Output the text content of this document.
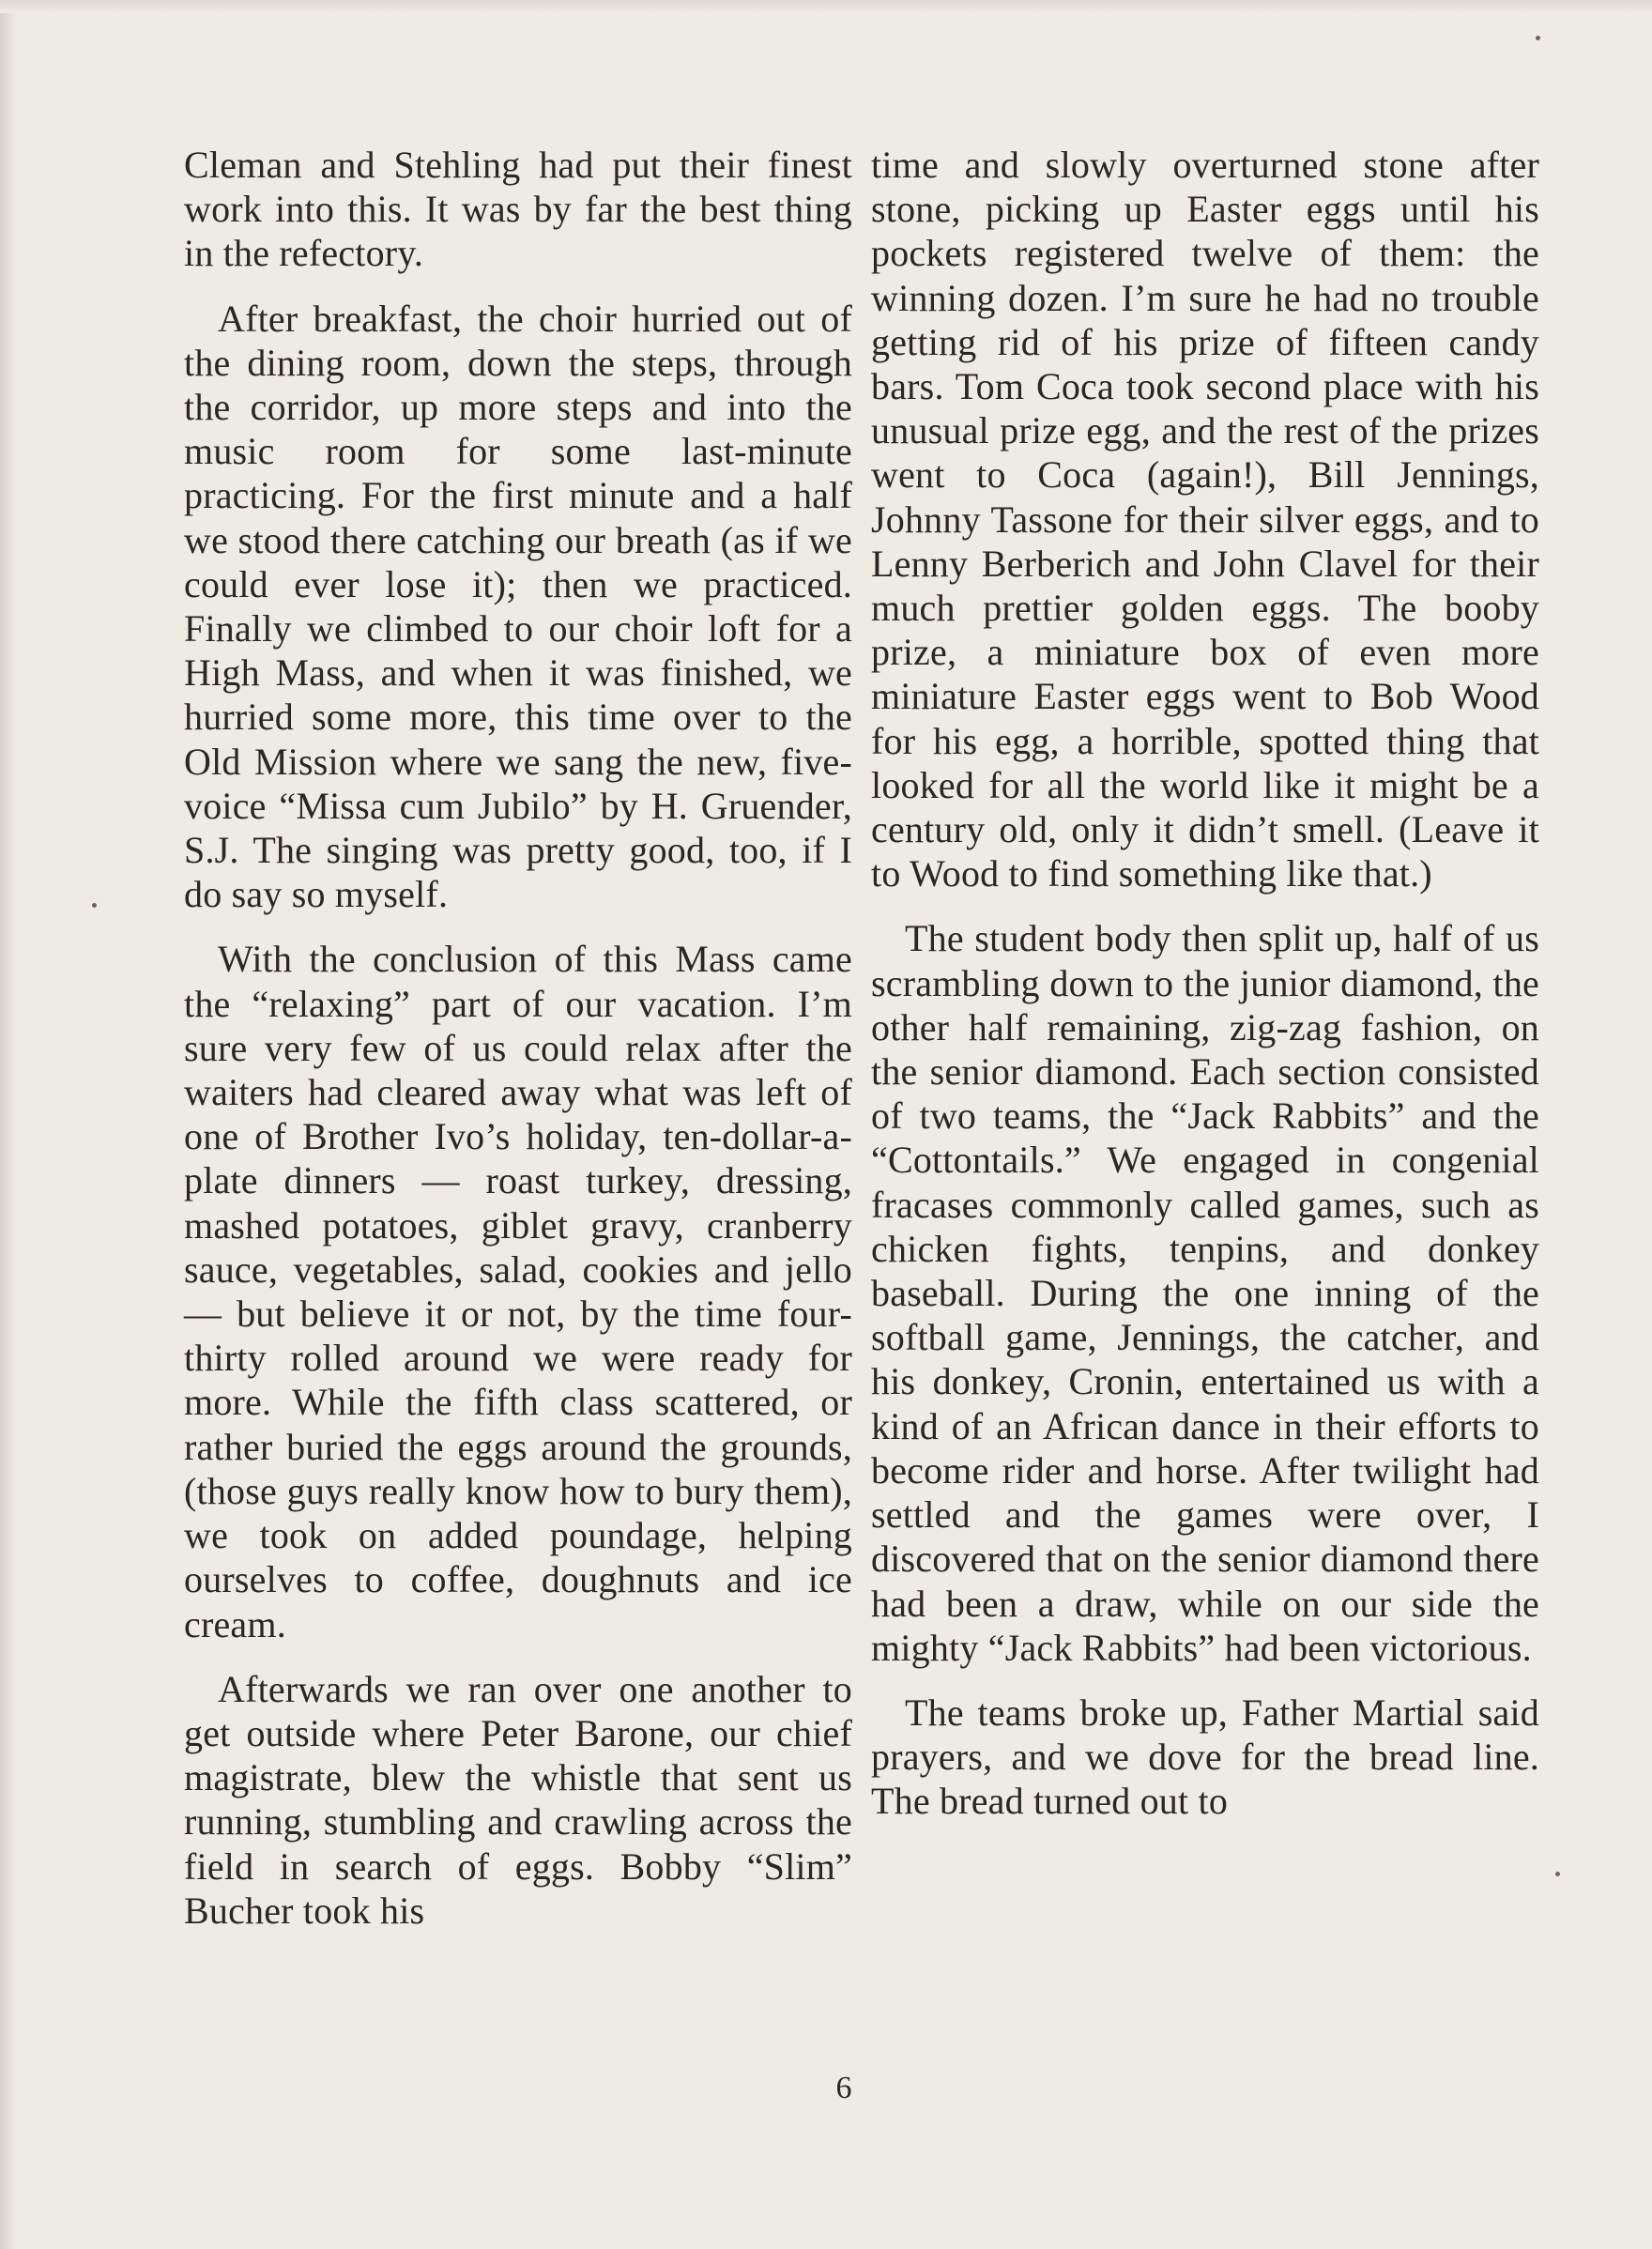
Cleman and Stehling had put their finest work into this. It was by far the best thing in the refectory.

After breakfast, the choir hurried out of the dining room, down the steps, through the corridor, up more steps and into the music room for some last-minute practicing. For the first minute and a half we stood there catching our breath (as if we could ever lose it); then we practiced. Finally we climbed to our choir loft for a High Mass, and when it was finished, we hurried some more, this time over to the Old Mission where we sang the new, five-voice “Missa cum Jubilo” by H. Gruender, S.J. The singing was pretty good, too, if I do say so myself.

With the conclusion of this Mass came the “relaxing” part of our vacation. I’m sure very few of us could relax after the waiters had cleared away what was left of one of Brother Ivo’s holiday, ten-dollar-a-plate dinners — roast turkey, dressing, mashed potatoes, giblet gravy, cranberry sauce, vegetables, salad, cookies and jello — but believe it or not, by the time four-thirty rolled around we were ready for more. While the fifth class scattered, or rather buried the eggs around the grounds, (those guys really know how to bury them), we took on added poundage, helping ourselves to coffee, doughnuts and ice cream.

Afterwards we ran over one another to get outside where Peter Barone, our chief magistrate, blew the whistle that sent us running, stumbling and crawling across the field in search of eggs. Bobby “Slim” Bucher took his

time and slowly overturned stone after stone, picking up Easter eggs until his pockets registered twelve of them: the winning dozen. I’m sure he had no trouble getting rid of his prize of fifteen candy bars. Tom Coca took second place with his unusual prize egg, and the rest of the prizes went to Coca (again!), Bill Jennings, Johnny Tassone for their silver eggs, and to Lenny Berberich and John Clavel for their much prettier golden eggs. The booby prize, a miniature box of even more miniature Easter eggs went to Bob Wood for his egg, a horrible, spotted thing that looked for all the world like it might be a century old, only it didn’t smell. (Leave it to Wood to find something like that.)

The student body then split up, half of us scrambling down to the junior diamond, the other half remaining, zig-zag fashion, on the senior diamond. Each section consisted of two teams, the “Jack Rabbits” and the “Cottontails.” We engaged in congenial fracases commonly called games, such as chicken fights, tenpins, and donkey baseball. During the one inning of the softball game, Jennings, the catcher, and his donkey, Cronin, entertained us with a kind of an African dance in their efforts to become rider and horse. After twilight had settled and the games were over, I discovered that on the senior diamond there had been a draw, while on our side the mighty “Jack Rabbits” had been victorious.

The teams broke up, Father Martial said prayers, and we dove for the bread line. The bread turned out to

6
